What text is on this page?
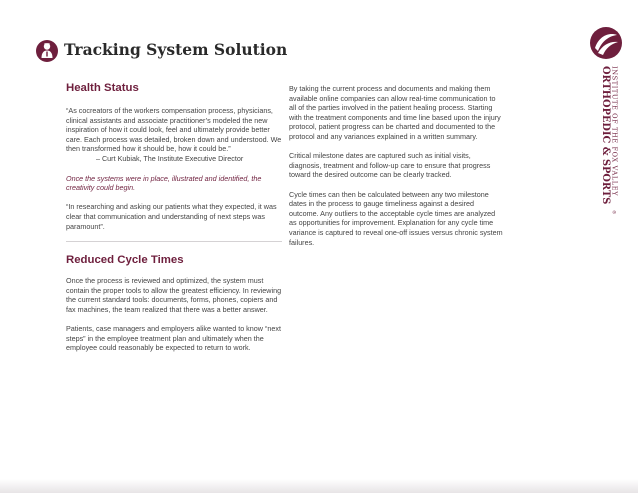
Tracking System Solution
Health Status

“As cocreators of the workers compensation process, physicians, clinical assistants and associate practitioner’s modeled the new inspiration of how it could look, feel and ultimately provide better care. Each process was detailed, broken down and understood. We then transformed how it should be, how it could be.”

– Curt Kubiak, The Institute Executive Director

Once the systems were in place, illustrated and identified, the creativity could begin.

“In researching and asking our patients what they expected, it was clear that communication and understanding of next steps was paramount”.

Reduced Cycle Times

Once the process is reviewed and optimized, the system must contain the proper tools to allow the greatest efficiency. In reviewing the current standard tools: documents, forms, phones, copiers and fax machines, the team realized that there was a better answer.

Patients, case managers and employers alike wanted to know “next steps” in the employee treatment plan and ultimately when the employee could reasonably be expected to return to work.

By taking the current process and documents and making them available online companies can allow real-time communication to all of the parties involved in the patient healing process. Starting with the treatment components and time line based upon the injury protocol, patient progress can be charted and documented to the protocol and any variances explained in a written summary.

Critical milestone dates are captured such as initial visits, diagnosis, treatment and follow-up care to ensure that progress toward the desired outcome can be clearly tracked.

Cycle times can then be calculated between any two milestone dates in the process to gauge timeliness against a desired outcome. Any outliers to the acceptable cycle times are analyzed as opportunities for improvement. Explanation for any cycle time variance is captured to reveal one-off issues versus chronic system failures.

ORTHOPEDIC & SPORTS INSTITUTE OF THE FOX VALLEY
®
